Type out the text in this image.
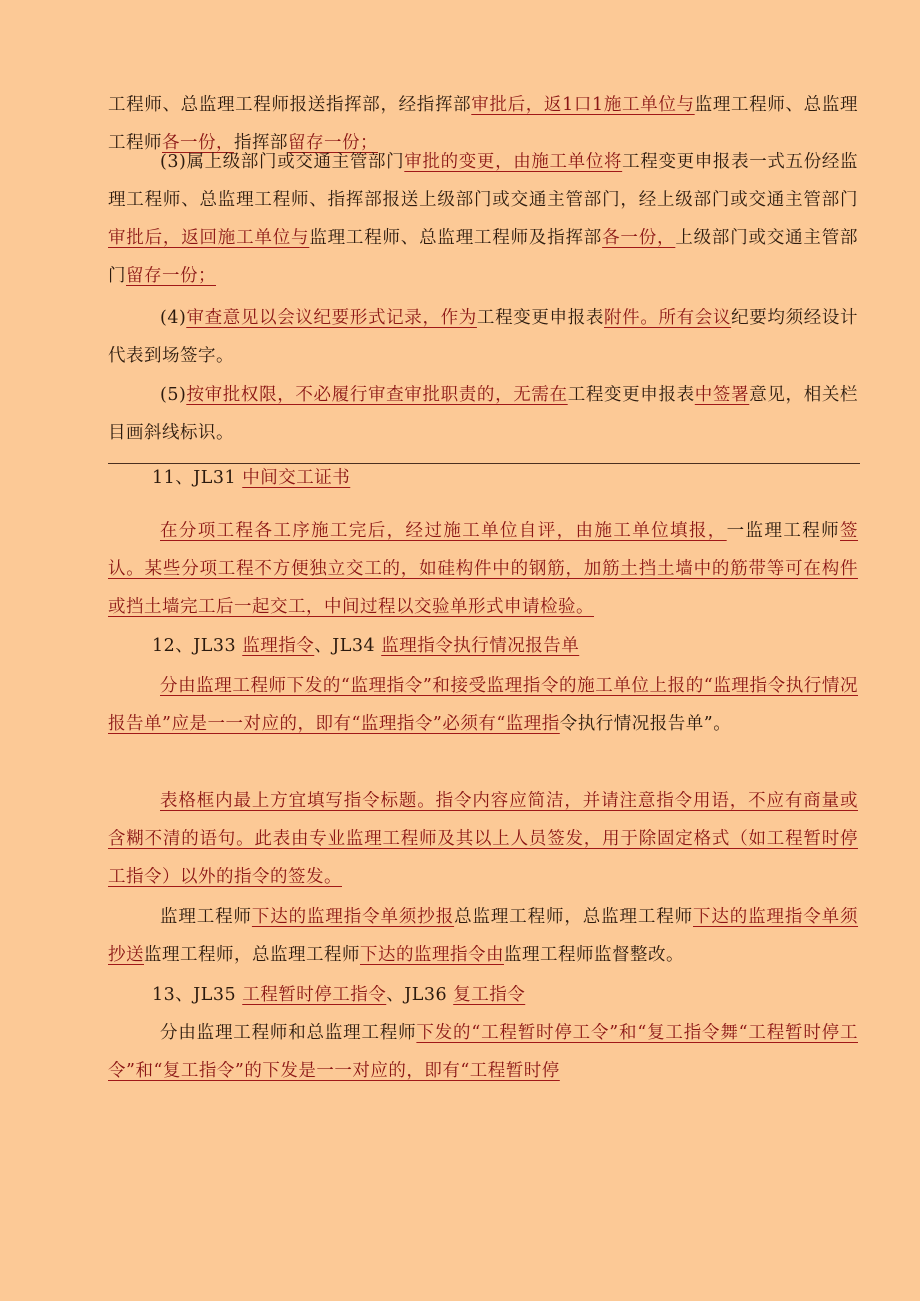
工程师、总监理工程师报送指挥部，经指挥部审批后，返1口1施工单位与监理工程师、总监理工程师各一份，指挥部留存一份；

(3)属上级部门或交通主管部门审批的变更，由施工单位将工程变更申报表一式五份经监理工程师、总监理工程师、指挥部报送上级部门或交通主管部门，经上级部门或交通主管部门审批后，返回施工单位与监理工程师、总监理工程师及指挥部各一份，上级部门或交通主管部门留存一份；

(4)审查意见以会议纪要形式记录，作为工程变更申报表附件。所有会议纪要均须经设计代表到场签字。

(5)按审批权限，不必履行审查审批职责的，无需在工程变更申报表中签署意见，相关栏目画斜线标识。

11、JL31 中间交工证书

在分项工程各工序施工完后，经过施工单位自评，由施工单位填报，一监理工程师签认。某些分项工程不方便独立交工的，如硅构件中的钢筋，加筋土挡土墙中的筋带等可在构件或挡土墙完工后一起交工，中间过程以交验单形式申请检验。

12、JL33 监理指令、JL34 监理指令执行情况报告单

分由监理工程师下发的“监理指令”和接受监理指令的施工单位上报的“监理指令执行情况报告单”应是一一对应的，即有“监理指令”必须有“监理指令执行情况报告单”。

表格框内最上方宜填写指令标题。指令内容应简洁，并请注意指令用语，不应有商量或含糊不清的语句。此表由专业监理工程师及其以上人员签发，用于除固定格式（如工程暂时停工指令）以外的指令的签发。

监理工程师下达的监理指令单须抄报总监理工程师，总监理工程师下达的监理指令单须抄送监理工程师，总监理工程师下达的监理指令由监理工程师监督整改。

13、JL35 工程暂时停工指令、JL36 复工指令

分由监理工程师和总监理工程师下发的“工程暂时停工令”和“复工指令舞“工程暂时停工令”和“复工指令”的下发是一一对应的，即有“工程暂时停
